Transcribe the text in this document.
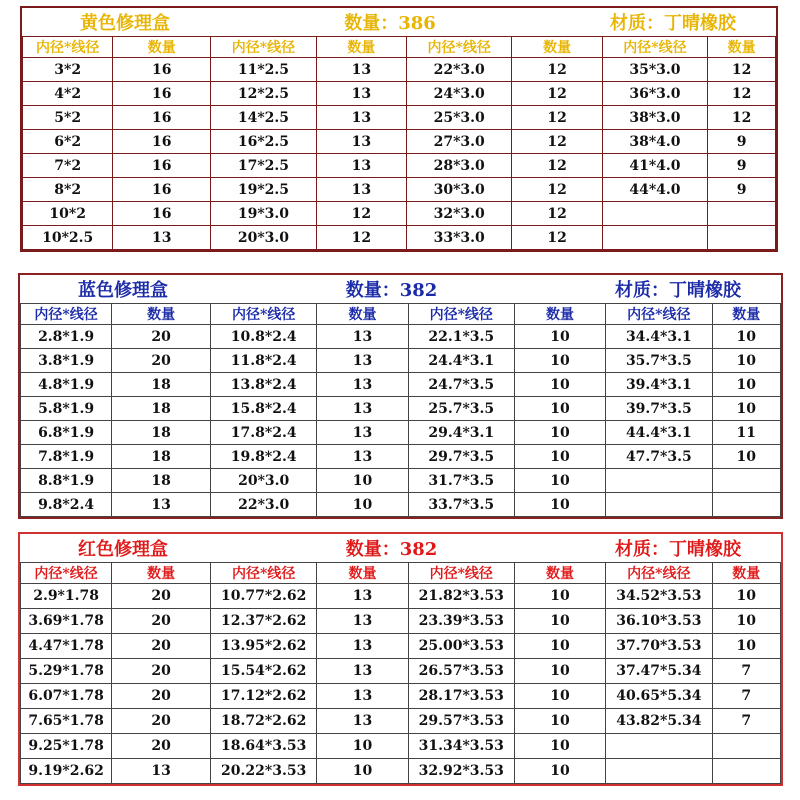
黄色修理盒	数量：386	材质：丁晴橡胶
内径*线径	数量	内径*线径	数量	内径*线径	数量	内径*线径	数量
3*2	16	11*2.5	13	22*3.0	12	35*3.0	12
4*2	16	12*2.5	13	24*3.0	12	36*3.0	12
5*2	16	14*2.5	13	25*3.0	12	38*3.0	12
6*2	16	16*2.5	13	27*3.0	12	38*4.0	9
7*2	16	17*2.5	13	28*3.0	12	41*4.0	9
8*2	16	19*2.5	13	30*3.0	12	44*4.0	9
10*2	16	19*3.0	12	32*3.0	12		
10*2.5	13	20*3.0	12	33*3.0	12		
蓝色修理盒	数量：382	材质：丁晴橡胶
内径*线径	数量	内径*线径	数量	内径*线径	数量	内径*线径	数量
2.8*1.9	20	10.8*2.4	13	22.1*3.5	10	34.4*3.1	10
3.8*1.9	20	11.8*2.4	13	24.4*3.1	10	35.7*3.5	10
4.8*1.9	18	13.8*2.4	13	24.7*3.5	10	39.4*3.1	10
5.8*1.9	18	15.8*2.4	13	25.7*3.5	10	39.7*3.5	10
6.8*1.9	18	17.8*2.4	13	29.4*3.1	10	44.4*3.1	11
7.8*1.9	18	19.8*2.4	13	29.7*3.5	10	47.7*3.5	10
8.8*1.9	18	20*3.0	10	31.7*3.5	10		
9.8*2.4	13	22*3.0	10	33.7*3.5	10		
红色修理盒	数量：382	材质：丁晴橡胶
内径*线径	数量	内径*线径	数量	内径*线径	数量	内径*线径	数量
2.9*1.78	20	10.77*2.62	13	21.82*3.53	10	34.52*3.53	10
3.69*1.78	20	12.37*2.62	13	23.39*3.53	10	36.10*3.53	10
4.47*1.78	20	13.95*2.62	13	25.00*3.53	10	37.70*3.53	10
5.29*1.78	20	15.54*2.62	13	26.57*3.53	10	37.47*5.34	7
6.07*1.78	20	17.12*2.62	13	28.17*3.53	10	40.65*5.34	7
7.65*1.78	20	18.72*2.62	13	29.57*3.53	10	43.82*5.34	7
9.25*1.78	20	18.64*3.53	10	31.34*3.53	10		
9.19*2.62	13	20.22*3.53	10	32.92*3.53	10		
